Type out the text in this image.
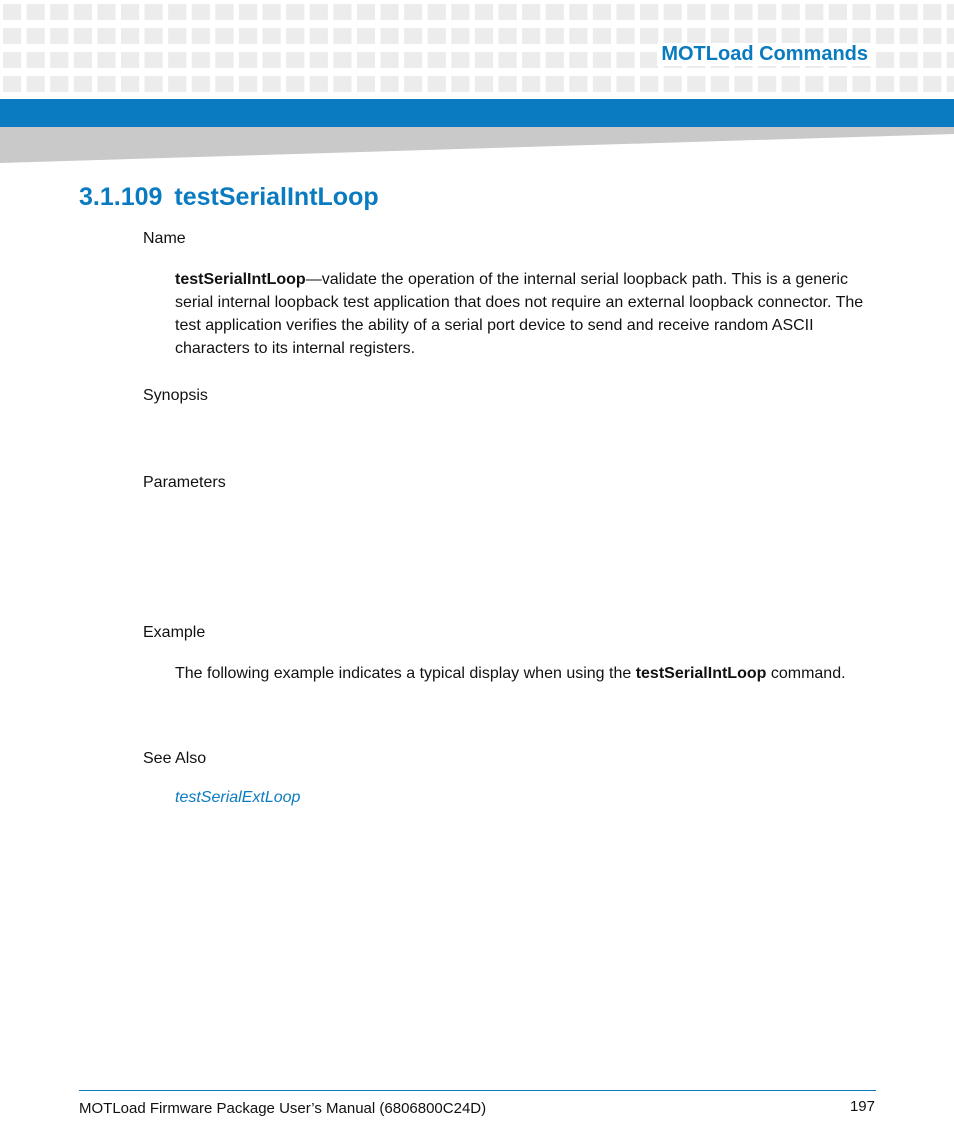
MOTLoad Commands
3.1.109 testSerialIntLoop
Name

testSerialIntLoop—validate the operation of the internal serial loopback path. This is a generic serial internal loopback test application that does not require an external loopback connector. The test application verifies the ability of a serial port device to send and receive random ASCII characters to its internal registers.

Synopsis
Parameters
Example

The following example indicates a typical display when using the testSerialIntLoop command.

See Also
testSerialExtLoop
MOTLoad Firmware Package User’s Manual (6806800C24D)	197
